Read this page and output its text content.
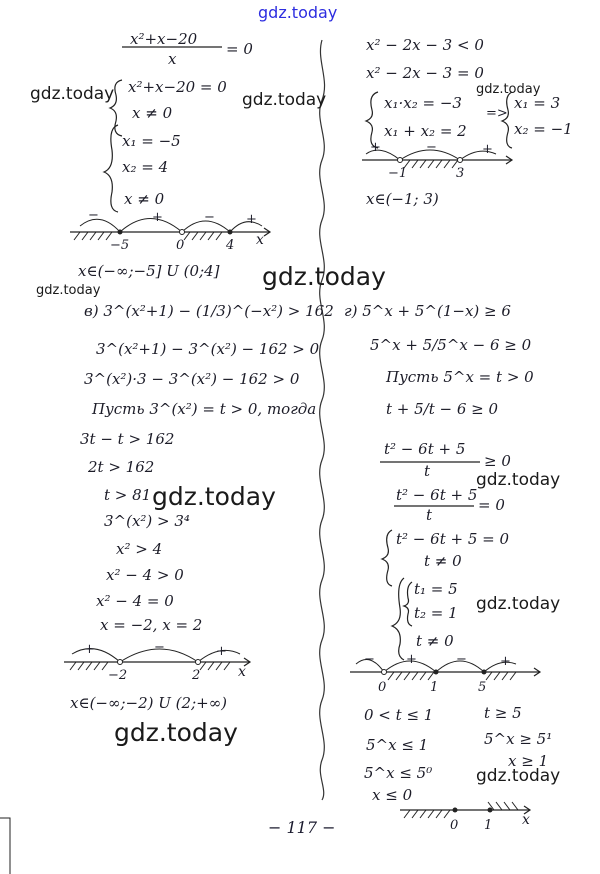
gdz.today
gdz.today	gdz.today
gdz.today
gdz.today
gdz.today
gdz.today
gdz.today
gdz.today
gdz.today
gdz.today
x²+x−20
x
= 0
x²+x−20 = 0
x ≠ 0
x₁ = −5
x₂ = 4
x ≠ 0
−	+	− +
−5	0	4 x
x∈(−∞;−5] U (0;4]
x² − 2x − 3 < 0
x² − 2x − 3 = 0
x₁·x₂ = −3
x₁ + x₂ = 2
=>
x₁ = 3
x₂ = −1
+	−	+
−1	3
x∈(−1; 3)
в) 3^(x²+1) − (1/3)^(−x²) > 162
3^(x²+1) − 3^(x²) − 162 > 0
3^(x²)·3 − 3^(x²) − 162 > 0
Пусть 3^(x²) = t > 0, тогда
3t − t > 162
2t > 162
t > 81
3^(x²) > 3⁴
x² > 4
x² − 4 > 0
x² − 4 = 0
x = −2, x = 2
+	−	+
−2	2	x
x∈(−∞;−2) U (2;+∞)
г) 5^x + 5^(1−x) ≥ 6
5^x + 5/5^x − 6 ≥ 0
Пусть 5^x = t > 0
t + 5/t − 6 ≥ 0
t² − 6t + 5
t
≥ 0
t² − 6t + 5
t
= 0
t² − 6t + 5 = 0
t ≠ 0
t₁ = 5
t₂ = 1
t ≠ 0
− +	−	+
0	1	5
0 < t ≤ 1	t ≥ 5
5^x ≤ 1	5^x ≥ 5¹
5^x ≤ 5⁰
x ≥ 1
x ≤ 0
0 1 x
− 117 −
